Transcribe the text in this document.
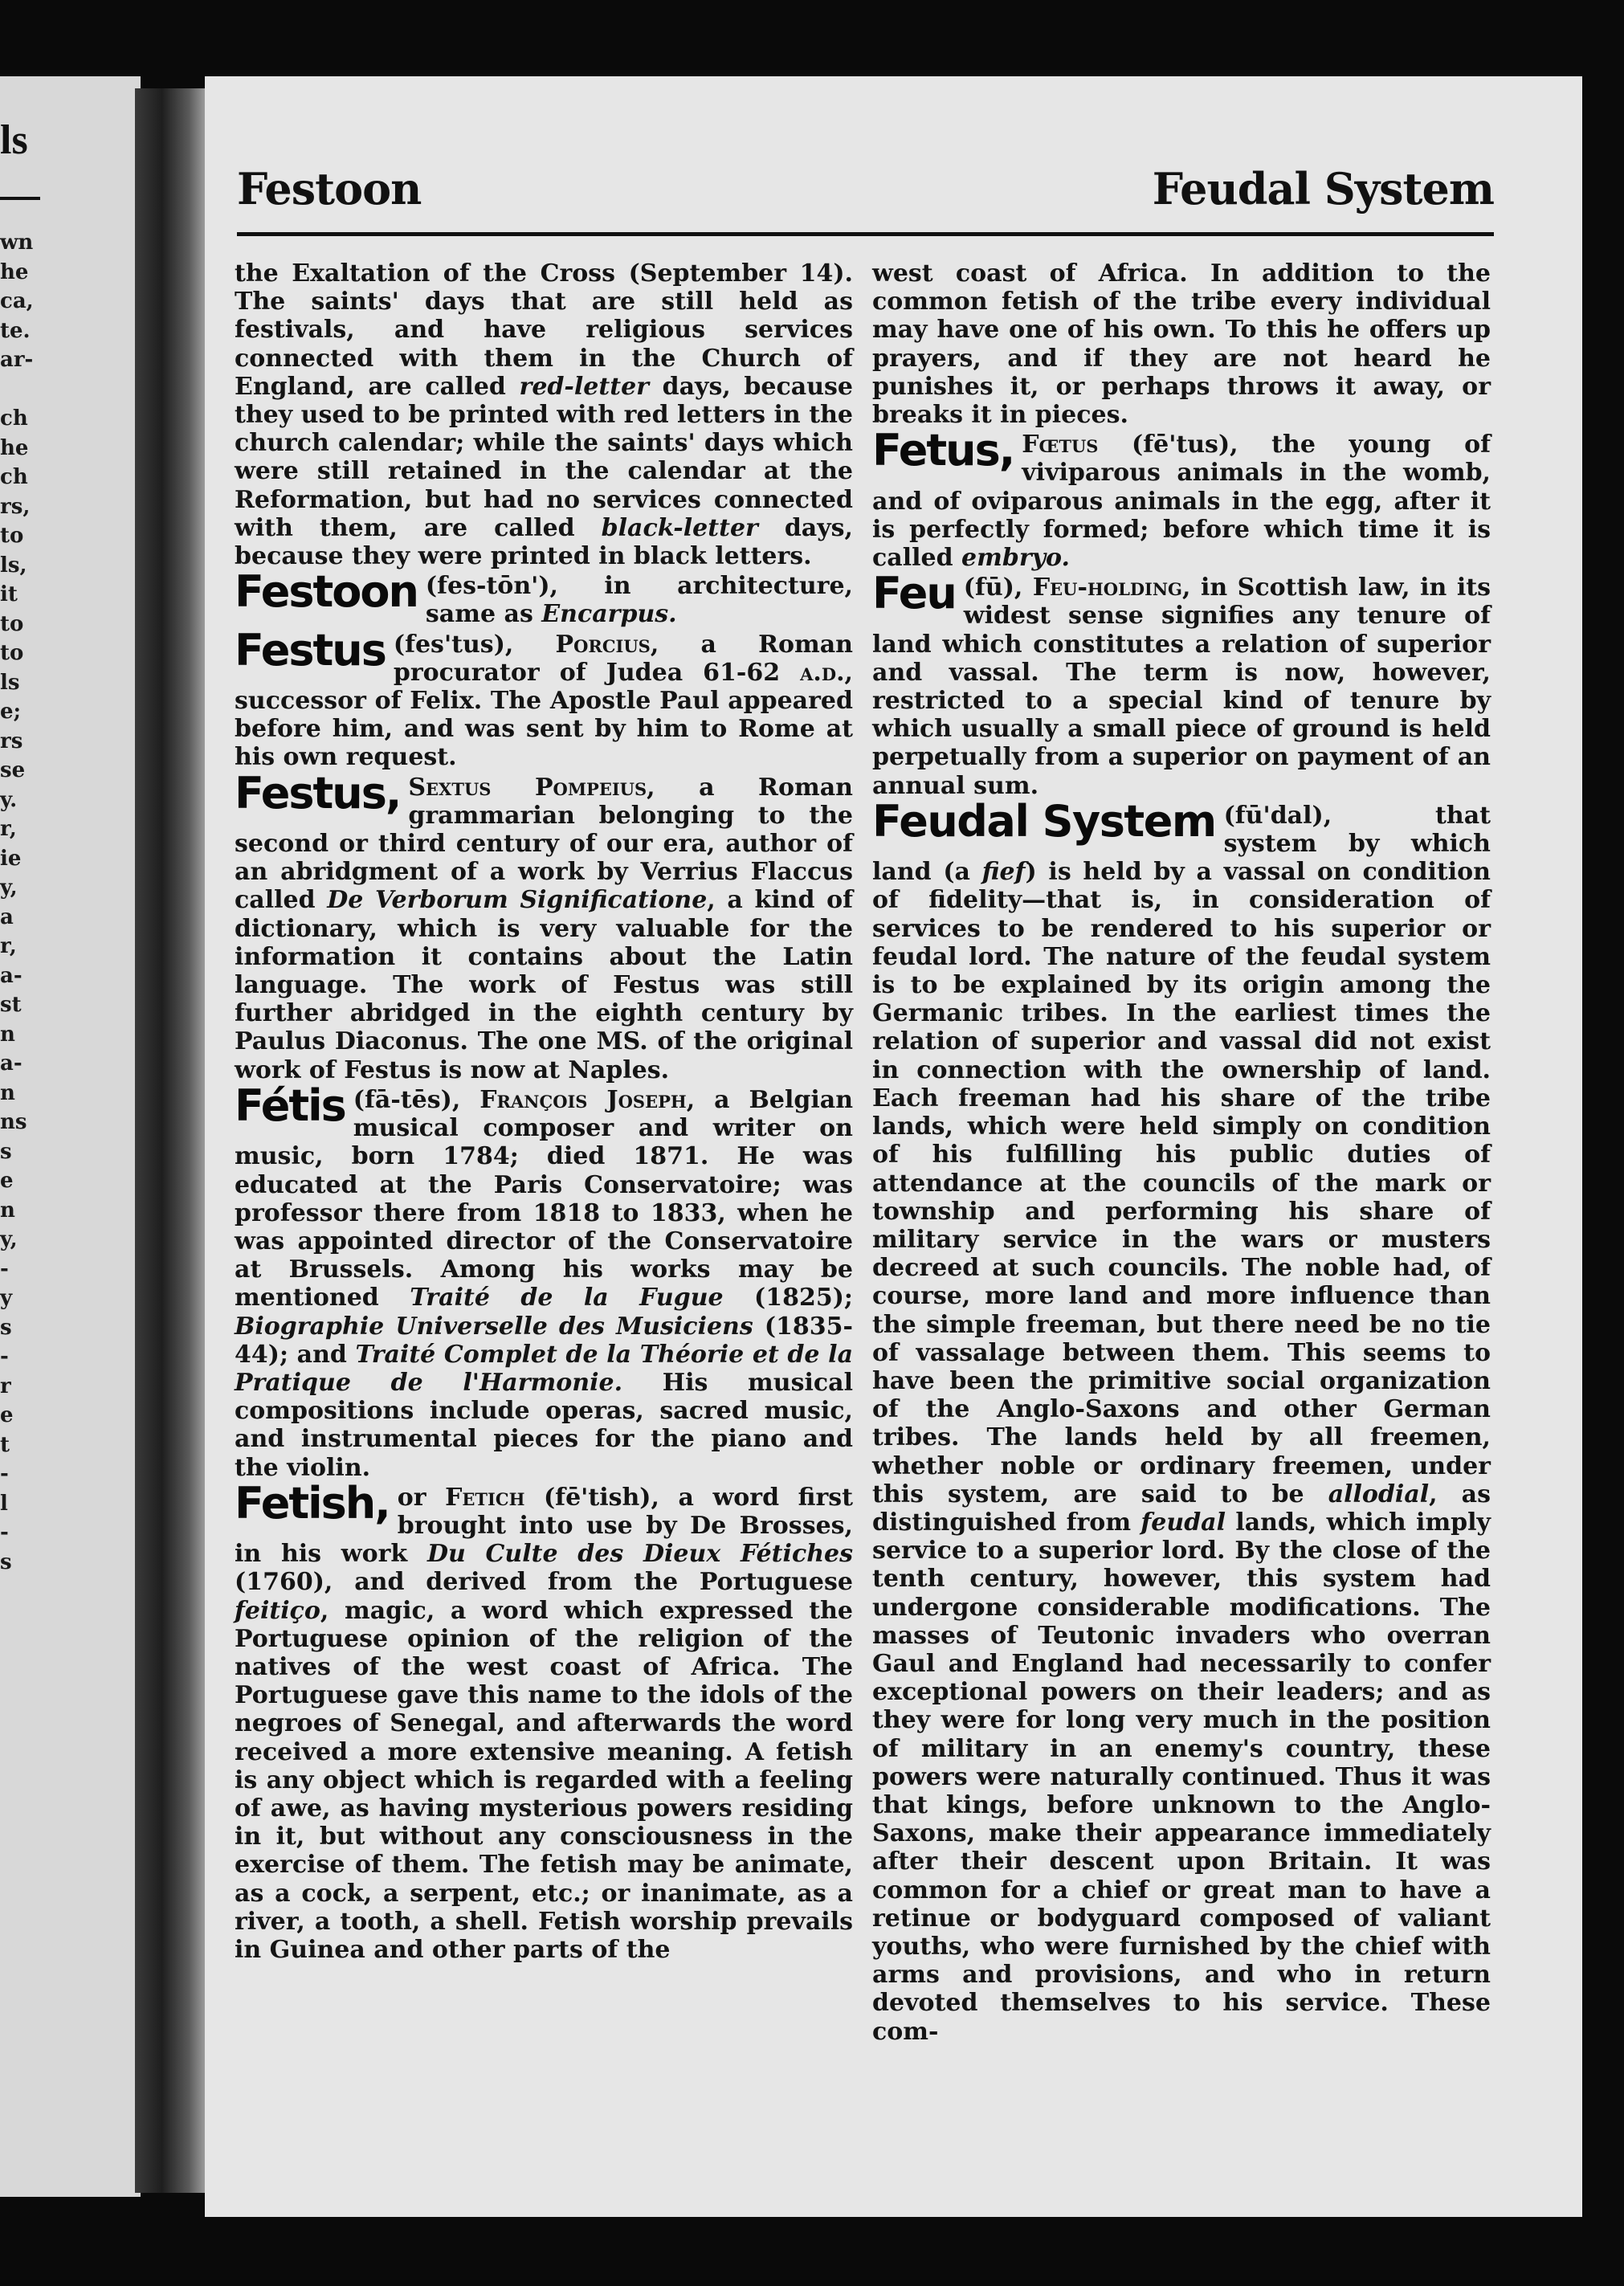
ls
wn
he
ca,
te.
ar-
ch
he
ch
rs,
to
ls,
it
to
to
ls
e;
rs
se
y.
r,
ie
y,
a
r,
a-
st
n
a-
n
ns
s
e
n
y,
-
y
s
-
r
e
t
-
l
-
s
Festoon	Feudal System

the Exaltation of the Cross (September 14). The saints' days that are still held as festivals, and have religious services connected with them in the Church of England, are called red-letter days, because they used to be printed with red letters in the church calendar; while the saints' days which were still retained in the calendar at the Reformation, but had no services connected with them, are called black-letter days, because they were printed in black letters.

Festoon (fes-tōn'), in architecture, same as Encarpus.

Festus (fes'tus), Porcius, a Roman procurator of Judea 61-62 a.d., successor of Felix. The Apostle Paul appeared before him, and was sent by him to Rome at his own request.

Festus, Sextus Pompeius, a Roman grammarian belonging to the second or third century of our era, author of an abridgment of a work by Verrius Flaccus called De Verborum Significatione, a kind of dictionary, which is very valuable for the information it contains about the Latin language. The work of Festus was still further abridged in the eighth century by Paulus Diaconus. The one MS. of the original work of Festus is now at Naples.

Fétis (fā-tēs), François Joseph, a Belgian musical composer and writer on music, born 1784; died 1871. He was educated at the Paris Conservatoire; was professor there from 1818 to 1833, when he was appointed director of the Conservatoire at Brussels. Among his works may be mentioned Traité de la Fugue (1825); Biographie Universelle des Musiciens (1835-44); and Traité Complet de la Théorie et de la Pratique de l'Harmonie. His musical compositions include operas, sacred music, and instrumental pieces for the piano and the violin.

Fetish, or Fetich (fē'tish), a word first brought into use by De Brosses, in his work Du Culte des Dieux Fétiches (1760), and derived from the Portuguese feitiço, magic, a word which expressed the Portuguese opinion of the religion of the natives of the west coast of Africa. The Portuguese gave this name to the idols of the negroes of Senegal, and afterwards the word received a more extensive meaning. A fetish is any object which is regarded with a feeling of awe, as having mysterious powers residing in it, but without any consciousness in the exercise of them. The fetish may be animate, as a cock, a serpent, etc.; or inanimate, as a river, a tooth, a shell. Fetish worship prevails in Guinea and other parts of the

west coast of Africa. In addition to the common fetish of the tribe every individual may have one of his own. To this he offers up prayers, and if they are not heard he punishes it, or perhaps throws it away, or breaks it in pieces.

Fetus, Fœtus (fē'tus), the young of viviparous animals in the womb, and of oviparous animals in the egg, after it is perfectly formed; before which time it is called embryo.

Feu (fū), Feu-holding, in Scottish law, in its widest sense signifies any tenure of land which constitutes a relation of superior and vassal. The term is now, however, restricted to a special kind of tenure by which usually a small piece of ground is held perpetually from a superior on payment of an annual sum.

Feudal System (fū'dal), that system by which land (a fief) is held by a vassal on condition of fidelity—that is, in consideration of services to be rendered to his superior or feudal lord. The nature of the feudal system is to be explained by its origin among the Germanic tribes. In the earliest times the relation of superior and vassal did not exist in connection with the ownership of land. Each freeman had his share of the tribe lands, which were held simply on condition of his fulfilling his public duties of attendance at the councils of the mark or township and performing his share of military service in the wars or musters decreed at such councils. The noble had, of course, more land and more influence than the simple freeman, but there need be no tie of vassalage between them. This seems to have been the primitive social organization of the Anglo-Saxons and other German tribes. The lands held by all freemen, whether noble or ordinary freemen, under this system, are said to be allodial, as distinguished from feudal lands, which imply service to a superior lord. By the close of the tenth century, however, this system had undergone considerable modifications. The masses of Teutonic invaders who overran Gaul and England had necessarily to confer exceptional powers on their leaders; and as they were for long very much in the position of military in an enemy's country, these powers were naturally continued. Thus it was that kings, before unknown to the Anglo-Saxons, make their appearance immediately after their descent upon Britain. It was common for a chief or great man to have a retinue or bodyguard composed of valiant youths, who were furnished by the chief with arms and provisions, and who in return devoted themselves to his service. These com-
